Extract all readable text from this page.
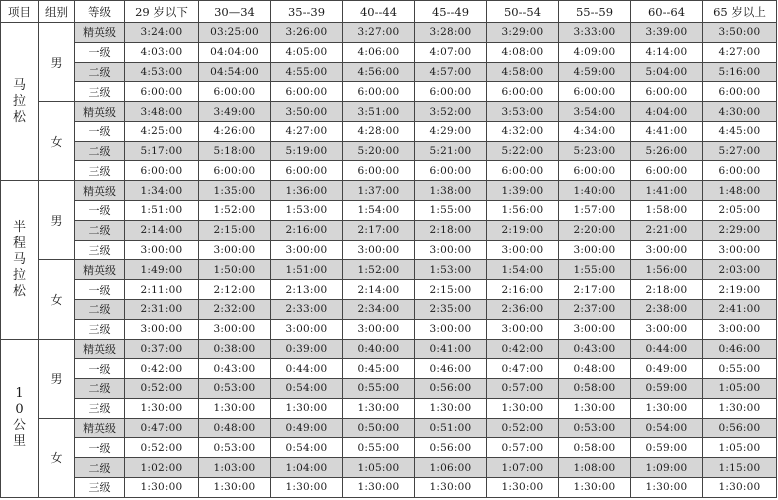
项目	组别	等级	29 岁以下	30—34	35--39	40--44	45--49	50--54	55--59	60--64	65 岁以上
马拉松	男	精英级	3:24:00	03:25:00	3:26:00	3:27:00	3:28:00	3:29:00	3:33:00	3:39:00	3:50:00
		一级	4:03:00	04:04:00	4:05:00	4:06:00	4:07:00	4:08:00	4:09:00	4:14:00	4:27:00
		二级	4:53:00	04:54:00	4:55:00	4:56:00	4:57:00	4:58:00	4:59:00	5:04:00	5:16:00
		三级	6:00:00	6:00:00	6:00:00	6:00:00	6:00:00	6:00:00	6:00:00	6:00:00	6:00:00
	女	精英级	3:48:00	3:49:00	3:50:00	3:51:00	3:52:00	3:53:00	3:54:00	4:04:00	4:30:00
		一级	4:25:00	4:26:00	4:27:00	4:28:00	4:29:00	4:32:00	4:34:00	4:41:00	4:45:00
		二级	5:17:00	5:18:00	5:19:00	5:20:00	5:21:00	5:22:00	5:23:00	5:26:00	5:27:00
		三级	6:00:00	6:00:00	6:00:00	6:00:00	6:00:00	6:00:00	6:00:00	6:00:00	6:00:00
半程马拉松	男	精英级	1:34:00	1:35:00	1:36:00	1:37:00	1:38:00	1:39:00	1:40:00	1:41:00	1:48:00
		一级	1:51:00	1:52:00	1:53:00	1:54:00	1:55:00	1:56:00	1:57:00	1:58:00	2:05:00
		二级	2:14:00	2:15:00	2:16:00	2:17:00	2:18:00	2:19:00	2:20:00	2:21:00	2:29:00
		三级	3:00:00	3:00:00	3:00:00	3:00:00	3:00:00	3:00:00	3:00:00	3:00:00	3:00:00
	女	精英级	1:49:00	1:50:00	1:51:00	1:52:00	1:53:00	1:54:00	1:55:00	1:56:00	2:03:00
		一级	2:11:00	2:12:00	2:13:00	2:14:00	2:15:00	2:16:00	2:17:00	2:18:00	2:19:00
		二级	2:31:00	2:32:00	2:33:00	2:34:00	2:35:00	2:36:00	2:37:00	2:38:00	2:41:00
		三级	3:00:00	3:00:00	3:00:00	3:00:00	3:00:00	3:00:00	3:00:00	3:00:00	3:00:00
10公里	男	精英级	0:37:00	0:38:00	0:39:00	0:40:00	0:41:00	0:42:00	0:43:00	0:44:00	0:46:00
		一级	0:42:00	0:43:00	0:44:00	0:45:00	0:46:00	0:47:00	0:48:00	0:49:00	0:55:00
		二级	0:52:00	0:53:00	0:54:00	0:55:00	0:56:00	0:57:00	0:58:00	0:59:00	1:05:00
		三级	1:30:00	1:30:00	1:30:00	1:30:00	1:30:00	1:30:00	1:30:00	1:30:00	1:30:00
	女	精英级	0:47:00	0:48:00	0:49:00	0:50:00	0:51:00	0:52:00	0:53:00	0:54:00	0:56:00
		一级	0:52:00	0:53:00	0:54:00	0:55:00	0:56:00	0:57:00	0:58:00	0:59:00	1:05:00
		二级	1:02:00	1:03:00	1:04:00	1:05:00	1:06:00	1:07:00	1:08:00	1:09:00	1:15:00
		三级	1:30:00	1:30:00	1:30:00	1:30:00	1:30:00	1:30:00	1:30:00	1:30:00	1:30:00
